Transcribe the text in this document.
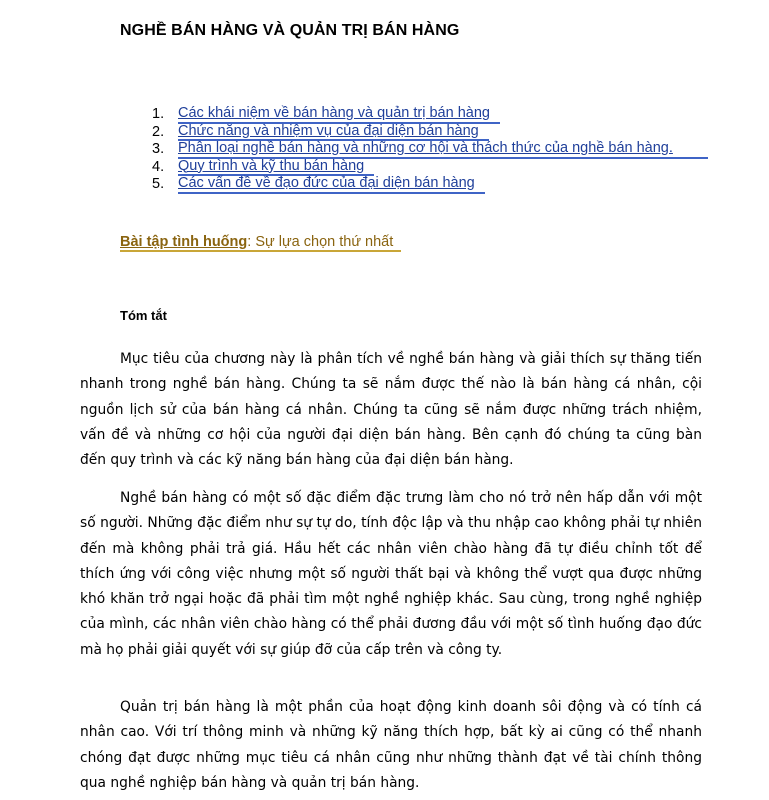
NGHỀ BÁN HÀNG VÀ QUẢN TRỊ BÁN HÀNG
1. Các khái niệm về bán hàng và quản trị bán hàng
2. Chức năng và nhiệm vụ của đại diện bán hàng
3. Phân loại nghề bán hàng và những cơ hội và thách thức của nghề bán hàng.
4. Quy trình và kỹ thu bán hàng
5. Các vấn đề về đạo đức của đại diện bán hàng
Bài tập tình huống: Sự lựa chọn thứ nhất
Tóm tắt

Mục tiêu của chương này là phân tích về nghề bán hàng và giải thích sự thăng tiến nhanh trong nghề bán hàng. Chúng ta sẽ nắm được thế nào là bán hàng cá nhân, cội nguồn lịch sử của bán hàng cá nhân. Chúng ta cũng sẽ nắm được những trách nhiệm, vấn đề và những cơ hội của người đại diện bán hàng. Bên cạnh đó chúng ta cũng bàn đến quy trình và các kỹ năng bán hàng của đại diện bán hàng.

Nghề bán hàng có một số đặc điểm đặc trưng làm cho nó trở nên hấp dẫn với một số người. Những đặc điểm như sự tự do, tính độc lập và thu nhập cao không phải tự nhiên đến mà không phải trả giá. Hầu hết các nhân viên chào hàng đã tự điều chỉnh tốt để thích ứng với công việc nhưng một số người thất bại và không thể vượt qua được những khó khăn trở ngại hoặc đã phải tìm một nghề nghiệp khác. Sau cùng, trong nghề nghiệp của mình, các nhân viên chào hàng có thể phải đương đầu với một số tình huống đạo đức mà họ phải giải quyết với sự giúp đỡ của cấp trên và công ty.

Quản trị bán hàng là một phần của hoạt động kinh doanh sôi động và có tính cá nhân cao. Với trí thông minh và những kỹ năng thích hợp, bất kỳ ai cũng có thể nhanh chóng đạt được những mục tiêu cá nhân cũng như những thành đạt về tài chính thông qua nghề nghiệp bán hàng và quản trị bán hàng.
